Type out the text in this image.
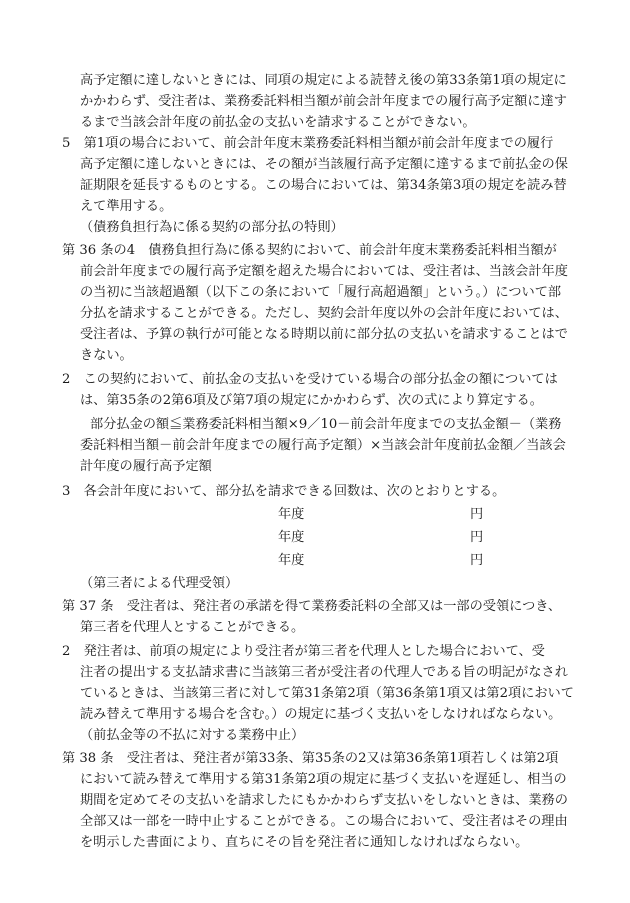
高予定額に達しないときには、同項の規定による読替え後の第33条第1項の規定に
かかわらず、受注者は、業務委託料相当額が前会計年度までの履行高予定額に達す
るまで当該会計年度の前払金の支払いを請求することができない。
5　第1項の場合において、前会計年度末業務委託料相当額が前会計年度までの履行
高予定額に達しないときには、その額が当該履行高予定額に達するまで前払金の保
証期限を延長するものとする。この場合においては、第34条第3項の規定を読み替
えて準用する。
（債務負担行為に係る契約の部分払の特則）
第 36 条の4　債務負担行為に係る契約において、前会計年度末業務委託料相当額が
前会計年度までの履行高予定額を超えた場合においては、受注者は、当該会計年度
の当初に当該超過額（以下この条において「履行高超過額」という。）について部
分払を請求することができる。ただし、契約会計年度以外の会計年度においては、
受注者は、予算の執行が可能となる時期以前に部分払の支払いを請求することはで
きない。
2　この契約において、前払金の支払いを受けている場合の部分払金の額については
は、第35条の2第6項及び第7項の規定にかかわらず、次の式により算定する。
部分払金の額≦業務委託料相当額×9／10－前会計年度までの支払金額－（業務
委託料相当額－前会計年度までの履行高予定額）×当該会計年度前払金額／当該会
計年度の履行高予定額
3　各会計年度において、部分払を請求できる回数は、次のとおりとする。
年度	円
年度	円
年度	円
（第三者による代理受領）
第 37 条　受注者は、発注者の承諾を得て業務委託料の全部又は一部の受領につき、
第三者を代理人とすることができる。
2　発注者は、前項の規定により受注者が第三者を代理人とした場合において、受
注者の提出する支払請求書に当該第三者が受注者の代理人である旨の明記がなされ
ているときは、当該第三者に対して第31条第2項（第36条第1項又は第2項において
読み替えて準用する場合を含む。）の規定に基づく支払いをしなければならない。
（前払金等の不払に対する業務中止）
第 38 条　受注者は、発注者が第33条、第35条の2又は第36条第1項若しくは第2項
において読み替えて準用する第31条第2項の規定に基づく支払いを遅延し、相当の
期間を定めてその支払いを請求したにもかかわらず支払いをしないときは、業務の
全部又は一部を一時中止することができる。この場合において、受注者はその理由
を明示した書面により、直ちにその旨を発注者に通知しなければならない。
